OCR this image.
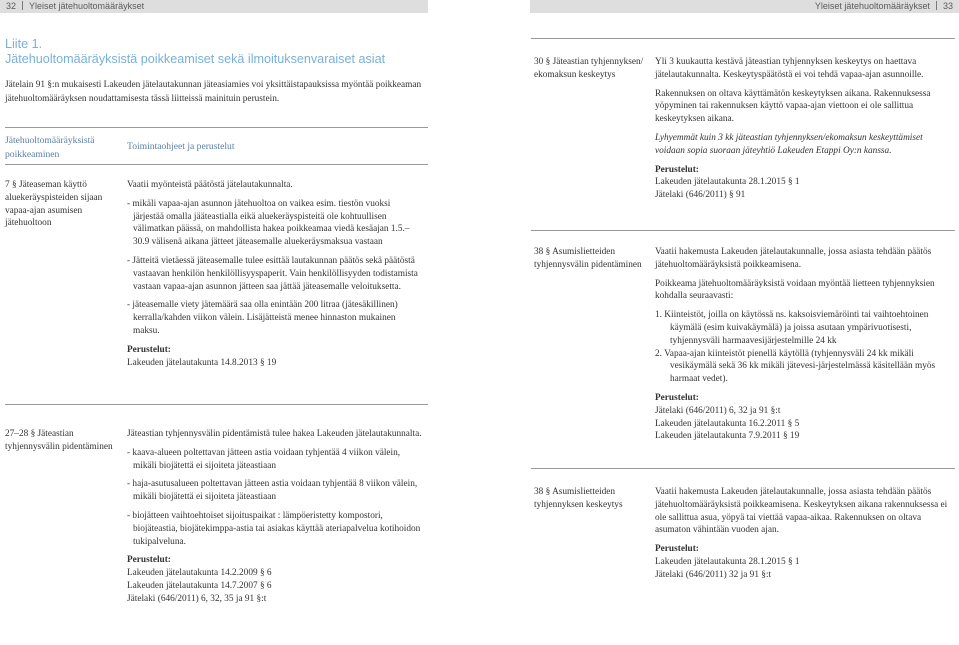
32 Yleiset jätehuoltomääräykset	Yleiset jätehuoltomääräykset 33
Liite 1.
Jätehuoltomääräyksistä poikkeamiset sekä ilmoituksenvaraiset asiat
Jätelain 91 §:n mukaisesti Lakeuden jätelautakunnan jäteasiamies voi yksittäistapauksissa myöntää poikkeaman jätehuoltomääräyksen noudattamisesta tässä liitteissä mainituin perustein.
Jätehuoltomääräyksistä poikkeaminen
Toimintaohjeet ja perustelut
7 § Jäteaseman käyttö aluekeräyspisteiden sijaan vapaa-ajan asumisen jätehuoltoon

Vaatii myönteistä päätöstä jätelautakunnalta.

- mikäli vapaa-ajan asunnon jätehuoltoa on vaikea esim. tiestön vuoksi järjestää omalla jääteastialla eikä aluekeräyspisteitä ole kohtuullisen välimatkan päässä, on mahdollista hakea poikkeamaa viedä kesäajan 1.5.–30.9 välisenä aikana jätteet jäteasemalle aluekeräysmaksua vastaan

- Jätteitä vietäessä jäteasemalle tulee esittää lautakunnan päätös sekä päätöstä vastaavan henkilön henkilöllisyyspaperit. Vain henkilöllisyyden todistamista vastaan vapaa-ajan asunnon jätteen saa jättää jäteasemalle veloituksetta.

- jäteasemalle viety jätemäärä saa olla enintään 200 litraa (jätesäkillinen) kerralla/kahden viikon välein. Lisäjätteistä menee hinnaston mukainen maksu.

Perustelut:

Lakeuden jätelautakunta 14.8.2013 § 19

27–28 § Jäteastian tyhjennysvälin pidentäminen

Jäteastian tyhjennysvälin pidentämistä tulee hakea Lakeuden jätelautakunnalta.

- kaava-alueen poltettavan jätteen astia voidaan tyhjentää 4 viikon välein, mikäli biojätettä ei sijoiteta jäteastiaan

- haja-asutusalueen poltettavan jätteen astia voidaan tyhjentää 8 viikon välein, mikäli biojätettä ei sijoiteta jäteastiaan

- biojätteen vaihtoehtoiset sijoituspaikat : lämpöeristetty kompostori, biojäteastia, biojätekimppa-astia tai asiakas käyttää ateriapalvelua kotihoidon tukipalveluna.

Perustelut:

Lakeuden jätelautakunta 14.2.2009 § 6

Lakeuden jätelautakunta 14.7.2007 § 6

Jätelaki (646/2011) 6, 32, 35 ja 91 §:t

30 § Jäteastian tyhjennyksen/ ekomaksun keskeytys

Yli 3 kuukautta kestävä jäteastian tyhjennyksen keskeytys on haettava jätelautakunnalta. Keskeytyspäätöstä ei voi tehdä vapaa-ajan asunnoille.

Rakennuksen on oltava käyttämätön keskeytyksen aikana. Rakennuksessa yöpyminen tai rakennuksen käyttö vapaa-ajan viettoon ei ole sallittua keskeytyksen aikana.

Lyhyemmät kuin 3 kk jäteastian tyhjennyksen/ekomaksun keskeyttämiset voidaan sopia suoraan jäteyhtiö Lakeuden Etappi Oy:n kanssa.

Perustelut:

Lakeuden jätelautakunta 28.1.2015 § 1

Jätelaki (646/2011) § 91

38 § Asumislietteiden tyhjennysvälin pidentäminen

Vaatii hakemusta Lakeuden jätelautakunnalle, jossa asiasta tehdään päätös jätehuoltomääräyksistä poikkeamisena.

Poikkeama jätehuoltomääräyksistä voidaan myöntää lietteen tyhjennyksien kohdalla seuraavasti:

1. Kiinteistöt, joilla on käytössä ns. kaksoisviemäröinti tai vaihtoehtoinen käymälä (esim kuivakäymälä) ja joissa asutaan ympärivuotisesti, tyhjennysväli harmaavesijärjestelmille 24 kk
2. Vapaa-ajan kiinteistöt pienellä käytöllä (tyhjennysväli 24 kk mikäli vesikäymälä sekä 36 kk mikäli jätevesi-järjestelmässä käsitellään myös harmaat vedet).

Perustelut:

Jätelaki (646/2011) 6, 32 ja 91 §:t

Lakeuden jätelautakunta 16.2.2011 § 5

Lakeuden jätelautakunta 7.9.2011 § 19

38 § Asumislietteiden tyhjennyksen keskeytys

Vaatii hakemusta Lakeuden jätelautakunnalle, jossa asiasta tehdään päätös jätehuoltomääräyksistä poikkeamisena. Keskeytyksen aikana rakennuksessa ei ole sallittua asua, yöpyä tai viettää vapaa-aikaa. Rakennuksen on oltava asumaton vähintään vuoden ajan.

Perustelut:

Lakeuden jätelautakunta 28.1.2015 § 1

Jätelaki (646/2011) 32 ja 91 §:t
